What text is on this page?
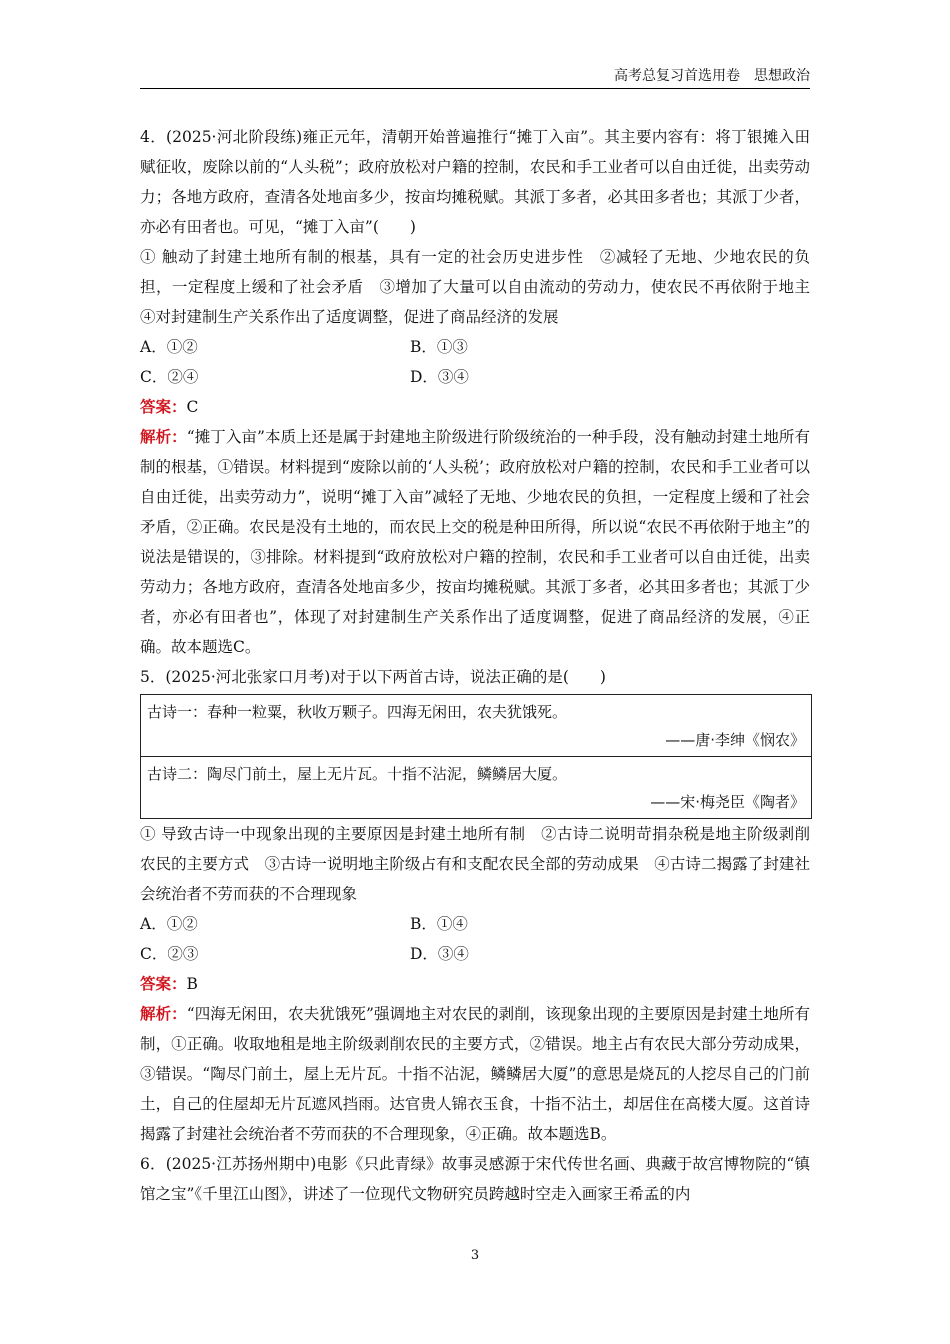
高考总复习首选用卷　思想政治

4．(2025·河北阶段练)雍正元年，清朝开始普遍推行“摊丁入亩”。其主要内容有：将丁银摊入田赋征收，废除以前的“人头税”；政府放松对户籍的控制，农民和手工业者可以自由迁徙，出卖劳动力；各地方政府，查清各处地亩多少，按亩均摊税赋。其派丁多者，必其田多者也；其派丁少者，亦必有田者也。可见，“摊丁入亩”(　　)

① 触动了封建土地所有制的根基，具有一定的社会历史进步性　②减轻了无地、少地农民的负担，一定程度上缓和了社会矛盾　③增加了大量可以自由流动的劳动力，使农民不再依附于地主　④对封建制生产关系作出了适度调整，促进了商品经济的发展

A．①②	B．①③
C．②④	D．③④

答案：C

解析：“摊丁入亩”本质上还是属于封建地主阶级进行阶级统治的一种手段，没有触动封建土地所有制的根基，①错误。材料提到“废除以前的‘人头税’；政府放松对户籍的控制，农民和手工业者可以自由迁徙，出卖劳动力”，说明“摊丁入亩”减轻了无地、少地农民的负担，一定程度上缓和了社会矛盾，②正确。农民是没有土地的，而农民上交的税是种田所得，所以说“农民不再依附于地主”的说法是错误的，③排除。材料提到“政府放松对户籍的控制，农民和手工业者可以自由迁徙，出卖劳动力；各地方政府，查清各处地亩多少，按亩均摊税赋。其派丁多者，必其田多者也；其派丁少者，亦必有田者也”，体现了对封建制生产关系作出了适度调整，促进了商品经济的发展，④正确。故本题选C。

5．(2025·河北张家口月考)对于以下两首古诗，说法正确的是(　　)

古诗一：春种一粒粟，秋收万颗子。四海无闲田，农夫犹饿死。
——唐·李绅《悯农》
古诗二：陶尽门前土，屋上无片瓦。十指不沾泥，鳞鳞居大厦。
——宋·梅尧臣《陶者》

① 导致古诗一中现象出现的主要原因是封建土地所有制　②古诗二说明苛捐杂税是地主阶级剥削农民的主要方式　③古诗一说明地主阶级占有和支配农民全部的劳动成果　④古诗二揭露了封建社会统治者不劳而获的不合理现象

A．①②	B．①④
C．②③	D．③④

答案：B

解析：“四海无闲田，农夫犹饿死”强调地主对农民的剥削，该现象出现的主要原因是封建土地所有制，①正确。收取地租是地主阶级剥削农民的主要方式，②错误。地主占有农民大部分劳动成果，③错误。“陶尽门前土，屋上无片瓦。十指不沾泥，鳞鳞居大厦”的意思是烧瓦的人挖尽自己的门前土，自己的住屋却无片瓦遮风挡雨。达官贵人锦衣玉食，十指不沾土，却居住在高楼大厦。这首诗揭露了封建社会统治者不劳而获的不合理现象，④正确。故本题选B。

6．(2025·江苏扬州期中)电影《只此青绿》故事灵感源于宋代传世名画、典藏于故宫博物院的“镇馆之宝”《千里江山图》，讲述了一位现代文物研究员跨越时空走入画家王希孟的内

3
